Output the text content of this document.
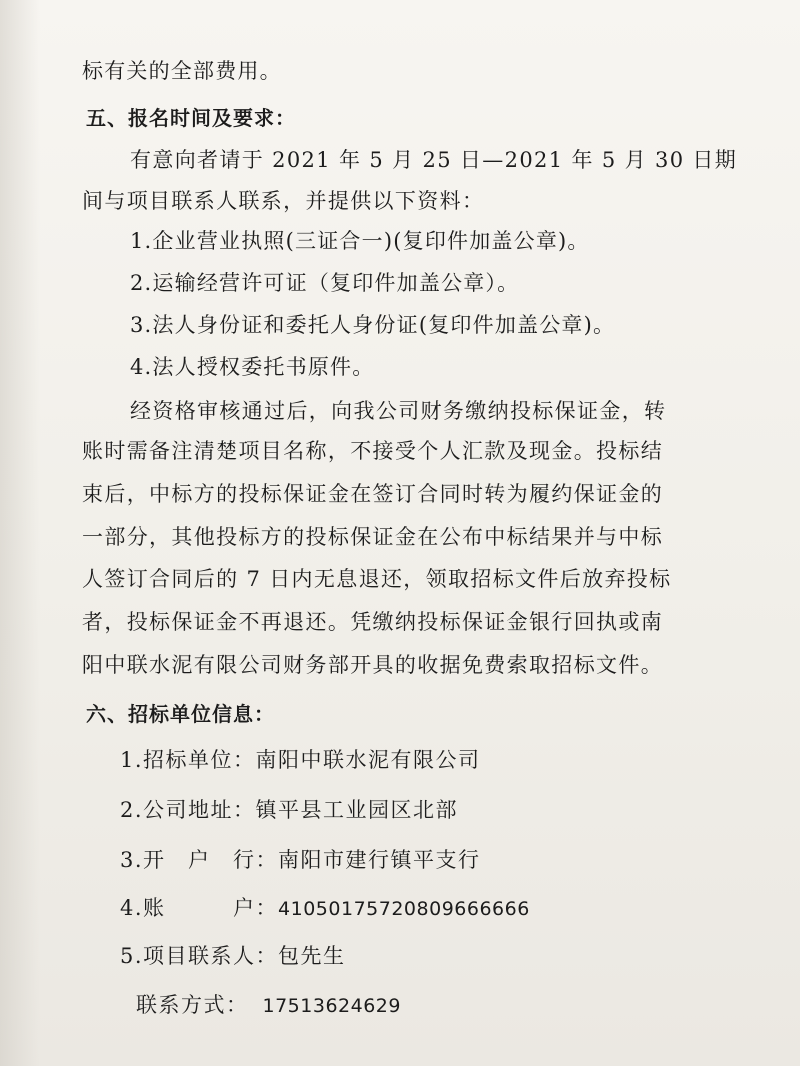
标有关的全部费用。
五、报名时间及要求：
有意向者请于 2021 年 5 月 25 日—2021 年 5 月 30 日期
间与项目联系人联系，并提供以下资料：
1.企业营业执照(三证合一)(复印件加盖公章)。
2.运输经营许可证（复印件加盖公章）。
3.法人身份证和委托人身份证(复印件加盖公章)。
4.法人授权委托书原件。
经资格审核通过后，向我公司财务缴纳投标保证金，转
账时需备注清楚项目名称，不接受个人汇款及现金。投标结
束后，中标方的投标保证金在签订合同时转为履约保证金的
一部分，其他投标方的投标保证金在公布中标结果并与中标
人签订合同后的 7 日内无息退还，领取招标文件后放弃投标
者，投标保证金不再退还。凭缴纳投标保证金银行回执或南
阳中联水泥有限公司财务部开具的收据免费索取招标文件。
六、招标单位信息：
1.招标单位：南阳中联水泥有限公司
2.公司地址：镇平县工业园区北部
3.开　户　行：南阳市建行镇平支行
4.账　　　户：41050175720809666666
5.项目联系人：包先生
联系方式： 17513624629
